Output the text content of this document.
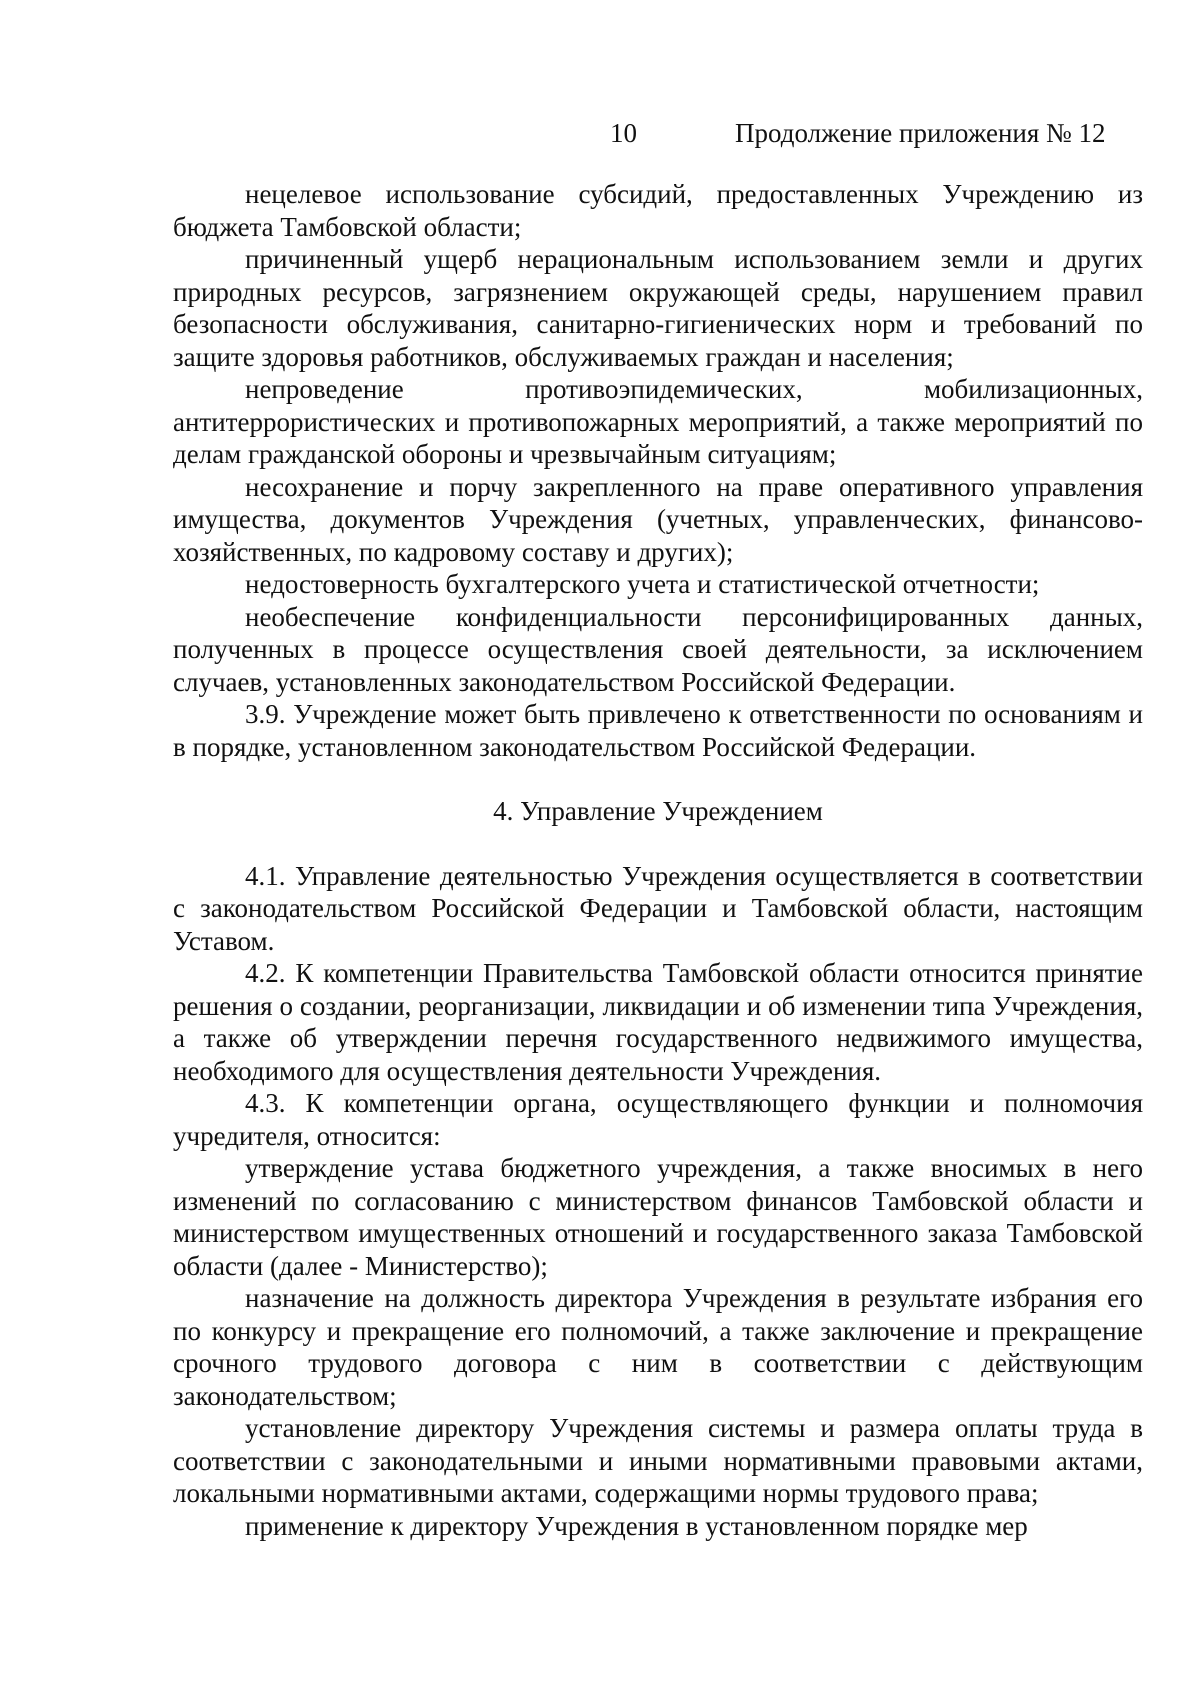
10	Продолжение приложения № 12

нецелевое использование субсидий, предоставленных Учреждению из бюджета Тамбовской области;

причиненный ущерб нерациональным использованием земли и других природных ресурсов, загрязнением окружающей среды, нарушением правил безопасности обслуживания, санитарно-гигиенических норм и требований по защите здоровья работников, обслуживаемых граждан и населения;

непроведение противоэпидемических, мобилизационных, антитеррористических и противопожарных мероприятий, а также мероприятий по делам гражданской обороны и чрезвычайным ситуациям;

несохранение и порчу закрепленного на праве оперативного управления имущества, документов Учреждения (учетных, управленческих, финансово-хозяйственных, по кадровому составу и других);

недостоверность бухгалтерского учета и статистической отчетности;

необеспечение конфиденциальности персонифицированных данных, полученных в процессе осуществления своей деятельности, за исключением случаев, установленных законодательством Российской Федерации.

3.9. Учреждение может быть привлечено к ответственности по основаниям и в порядке, установленном законодательством Российской Федерации.

4. Управление Учреждением

4.1. Управление деятельностью Учреждения осуществляется в соответствии с законодательством Российской Федерации и Тамбовской области, настоящим Уставом.

4.2. К компетенции Правительства Тамбовской области относится принятие решения о создании, реорганизации, ликвидации и об изменении типа Учреждения, а также об утверждении перечня государственного недвижимого имущества, необходимого для осуществления деятельности Учреждения.

4.3. К компетенции органа, осуществляющего функции и полномочия учредителя, относится:

утверждение устава бюджетного учреждения, а также вносимых в него изменений по согласованию с министерством финансов Тамбовской области и министерством имущественных отношений и государственного заказа Тамбовской области (далее - Министерство);

назначение на должность директора Учреждения в результате избрания его по конкурсу и прекращение его полномочий, а также заключение и прекращение срочного трудового договора с ним в соответствии с действующим законодательством;

установление директору Учреждения системы и размера оплаты труда в соответствии с законодательными и иными нормативными правовыми актами, локальными нормативными актами, содержащими нормы трудового права;

применение к директору Учреждения в установленном порядке мер
